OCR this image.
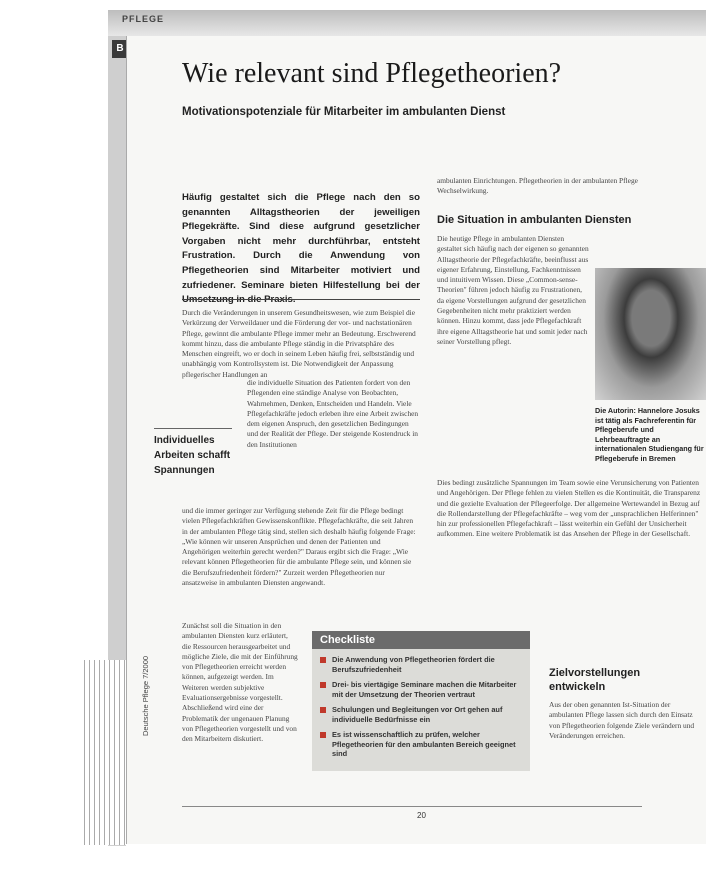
PFLEGE
B
Wie relevant sind Pflegetheorien?
Motivationspotenziale für Mitarbeiter im ambulanten Dienst

Häufig gestaltet sich die Pflege nach den so genannten Alltagstheorien der jeweiligen Pflegekräfte. Sind diese aufgrund gesetzlicher Vorgaben nicht mehr durchführbar, entsteht Frustration. Durch die Anwendung von Pflegetheorien sind Mitarbeiter motiviert und zufriedener. Seminare bieten Hilfestellung bei der Umsetzung in die Praxis.

Durch die Veränderungen in unserem Gesundheitswesen, wie zum Beispiel die Verkürzung der Verweildauer und die Förderung der vor- und nachstationären Pflege, gewinnt die ambulante Pflege immer mehr an Bedeutung. Erschwerend kommt hinzu, dass die ambulante Pflege ständig in die Privatsphäre des Menschen eingreift, wo er doch in seinem Leben häufig frei, selbstständig und unabhängig vom Kontrollsystem ist. Die Notwendigkeit der Anpassung pflegerischer Handlungen an

die individuelle Situation des Patienten fordert von den Pflegenden eine ständige Analyse von Beobachten, Wahrnehmen, Denken, Entscheiden und Handeln. Viele Pflegefachkräfte jedoch erleben ihre eine Arbeit zwischen dem eigenen Anspruch, den gesetzlichen Bedingungen und der Realität der Pflege. Der steigende Kostendruck in den Institutionen

Individuelles Arbeiten schafft Spannungen

und die immer geringer zur Verfügung stehende Zeit für die Pflege bedingt vielen Pflegefachkräften Gewissenskonflikte. Pflegefachkräfte, die seit Jahren in der ambulanten Pflege tätig sind, stellen sich deshalb häufig folgende Frage: „Wie können wir unseren Ansprüchen und denen der Patienten und Angehörigen weiterhin gerecht werden?" Daraus ergibt sich die Frage: „Wie relevant können Pflegetheorien für die ambulante Pflege sein, und können sie die Berufszufriedenheit fördern?" Zurzeit werden Pflegetheorien nur ansatzweise in ambulanten Diensten angewandt.

Zunächst soll die Situation in den ambulanten Diensten kurz erläutert, die Ressourcen herausgearbeitet und mögliche Ziele, die mit der Einführung von Pflegetheorien erreicht werden können, aufgezeigt werden. Im Weiteren werden subjektive Evaluationsergebnisse vorgestellt. Abschließend wird eine der Problematik der ungenauen Planung von Pflegetheorien vorgestellt und von den Mitarbeitern diskutiert.

Deutsche Pflege 7/2000
Checkliste
Die Anwendung von Pflegetheorien fördert die Berufszufriedenheit
Drei- bis viertägige Seminare machen die Mitarbeiter mit der Umsetzung der Theorien vertraut
Schulungen und Begleitungen vor Ort gehen auf individuelle Bedürfnisse ein
Es ist wissenschaftlich zu prüfen, welcher Pflegetheorien für den ambulanten Bereich geeignet sind

ambulanten Einrichtungen. Pflegetheorien in der ambulanten Pflege Wechselwirkung.

Die Situation in ambulanten Diensten

Die heutige Pflege in ambulanten Diensten gestaltet sich häufig nach der eigenen so genannten Alltagstheorie der Pflegefachkräfte, beeinflusst aus eigener Erfahrung, Einstellung, Fachkenntnissen und intuitivem Wissen. Diese „Common-sense-Theorien" führen jedoch häufig zu Frustrationen, da eigene Vorstellungen aufgrund der gesetzlichen Gegebenheiten nicht mehr praktiziert werden können. Hinzu kommt, dass jede Pflegefachkraft ihre eigene Alltagstheorie hat und somit jeder nach seiner Vorstellung pflegt.

Die Autorin: Hannelore Josuks ist tätig als Fachreferentin für Pflegeberufe und Lehrbeauftragte an internationalen Studiengang für Pflegeberufe in Bremen

Dies bedingt zusätzliche Spannungen im Team sowie eine Verunsicherung von Patienten und Angehörigen. Der Pflege fehlen zu vielen Stellen es die Kontinuität, die Transparenz und die gezielte Evaluation der Pflegeerfolge. Der allgemeine Wertewandel in Bezug auf die Rollendarstellung der Pflegefachkräfte – weg vom der „unsprachlichen Helferinnen" hin zur professionellen Pflegefachkraft – lässt weiterhin ein Gefühl der Unsicherheit aufkommen. Eine weitere Problematik ist das Ansehen der Pflege in der Gesellschaft.

Zielvorstellungen entwickeln

Aus der oben genannten Ist-Situation der ambulanten Pflege lassen sich durch den Einsatz von Pflegetheorien folgende Ziele verändern und Veränderungen erreichen.

20
